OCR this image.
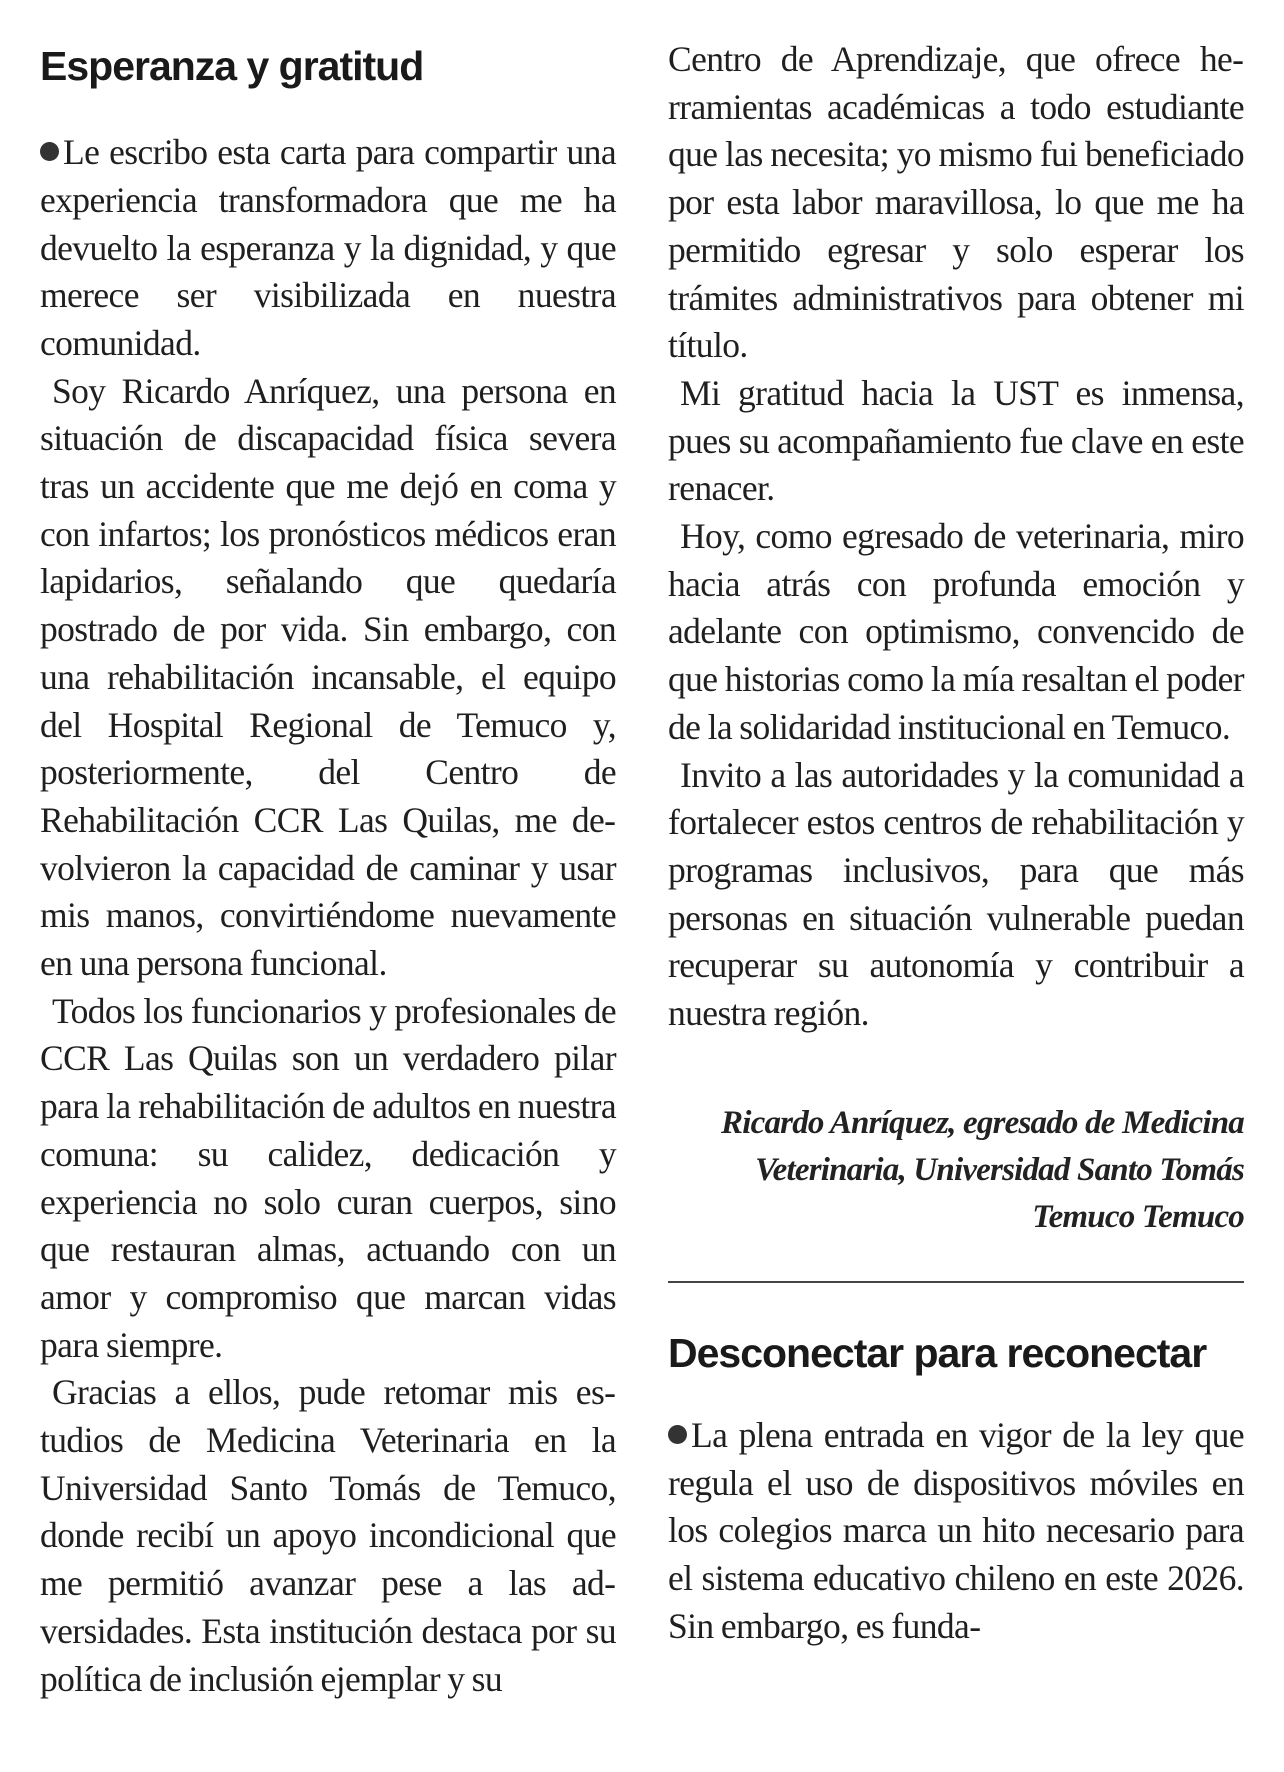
Esperanza y gratitud

Le escribo esta carta para compartir una experiencia transformadora que me ha devuelto la esperanza y la dignidad, y que merece ser visibilizada en nuestra comunidad.

Soy Ricardo Anríquez, una persona en situación de discapacidad física severa tras un accidente que me dejó en coma y con infartos; los pronósticos médicos eran lapidarios, señalando que quedaría postrado de por vida. Sin embargo, con una rehabilitación incansable, el equipo del Hospital Regional de Temuco y, posteriormente, del Centro de Rehabilitación CCR Las Quilas, me devolvieron la capacidad de caminar y usar mis manos, convirtiéndome nuevamente en una persona funcional.

Todos los funcionarios y profesionales de CCR Las Quilas son un verdadero pilar para la rehabilitación de adultos en nuestra comuna: su calidez, dedicación y experiencia no solo curan cuerpos, sino que restauran almas, actuando con un amor y compromiso que marcan vidas para siempre.

Gracias a ellos, pude retomar mis estudios de Medicina Veterinaria en la Universidad Santo Tomás de Temuco, donde recibí un apoyo incondicional que me permitió avanzar pese a las adversidades. Esta institución destaca por su política de inclusión ejemplar y su

Centro de Aprendizaje, que ofrece herramientas académicas a todo estudiante que las necesita; yo mismo fui beneficiado por esta labor maravillosa, lo que me ha permitido egresar y solo esperar los trámites administrativos para obtener mi título.

Mi gratitud hacia la UST es inmensa, pues su acompañamiento fue clave en este renacer.

Hoy, como egresado de veterinaria, miro hacia atrás con profunda emoción y adelante con optimismo, convencido de que historias como la mía resaltan el poder de la solidaridad institucional en Temuco.

Invito a las autoridades y la comunidad a fortalecer estos centros de rehabilitación y programas inclusivos, para que más personas en situación vulnerable puedan recuperar su autonomía y contribuir a nuestra región.

Ricardo Anríquez, egresado de Medicina Veterinaria, Universidad Santo Tomás Temuco Temuco
Desconectar para reconectar

La plena entrada en vigor de la ley que regula el uso de dispositivos móviles en los colegios marca un hito necesario para el sistema educativo chileno en este 2026. Sin embargo, es funda-
